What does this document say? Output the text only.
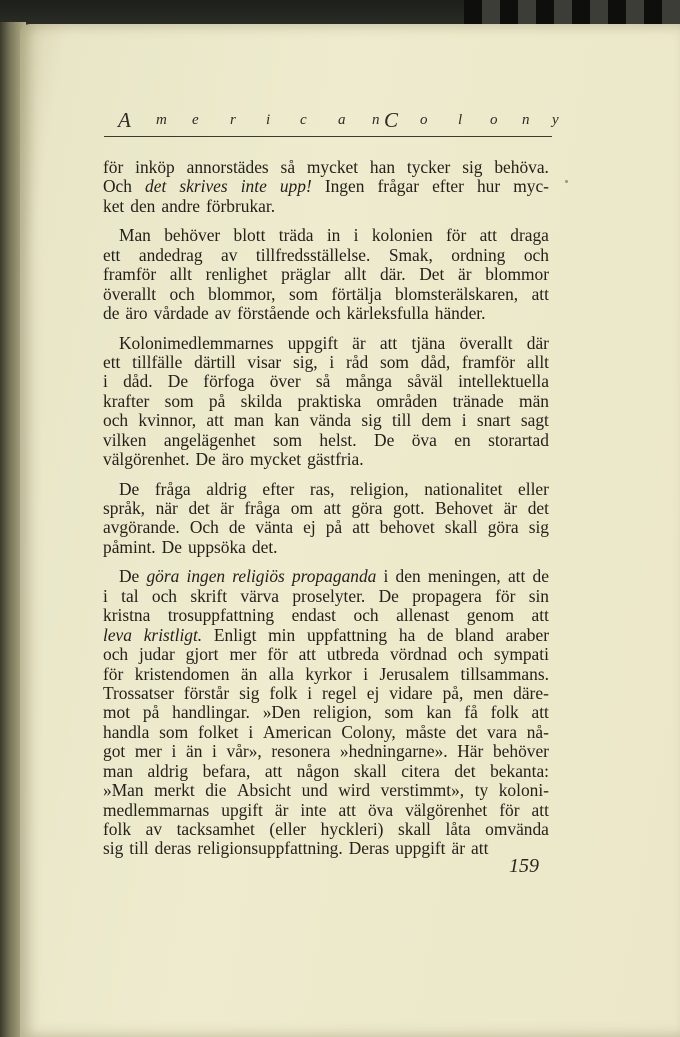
A m e r i c a n C o l o n y
för inköp annorstädes så mycket han tycker sig behöva.
Och det skrives inte upp! Ingen frågar efter hur myc-
ket den andre förbrukar.
Man behöver blott träda in i kolonien för att draga
ett andedrag av tillfredsställelse. Smak, ordning och
framför allt renlighet präglar allt där. Det är blommor
överallt och blommor, som förtälja blomsterälskaren, att
de äro vårdade av förstående och kärleksfulla händer.
Kolonimedlemmarnes uppgift är att tjäna överallt där
ett tillfälle därtill visar sig, i råd som dåd, framför allt
i dåd. De förfoga över så många såväl intellektuella
krafter som på skilda praktiska områden tränade män
och kvinnor, att man kan vända sig till dem i snart sagt
vilken angelägenhet som helst. De öva en storartad
välgörenhet. De äro mycket gästfria.
De fråga aldrig efter ras, religion, nationalitet eller
språk, när det är fråga om att göra gott. Behovet är det
avgörande. Och de vänta ej på att behovet skall göra sig
påmint. De uppsöka det.
De göra ingen religiös propaganda i den meningen, att de
i tal och skrift värva proselyter. De propagera för sin
kristna trosuppfattning endast och allenast genom att
leva kristligt. Enligt min uppfattning ha de bland araber
och judar gjort mer för att utbreda vördnad och sympati
för kristendomen än alla kyrkor i Jerusalem tillsammans.
Trossatser förstår sig folk i regel ej vidare på, men däre-
mot på handlingar. »Den religion, som kan få folk att
handla som folket i American Colony, måste det vara nå-
got mer i än i vår», resonera »hedningarne». Här behöver
man aldrig befara, att någon skall citera det bekanta:
»Man merkt die Absicht und wird verstimmt», ty koloni-
medlemmarnas upgift är inte att öva välgörenhet för att
folk av tacksamhet (eller hyckleri) skall låta omvända
sig till deras religionsuppfattning. Deras uppgift är att
159
